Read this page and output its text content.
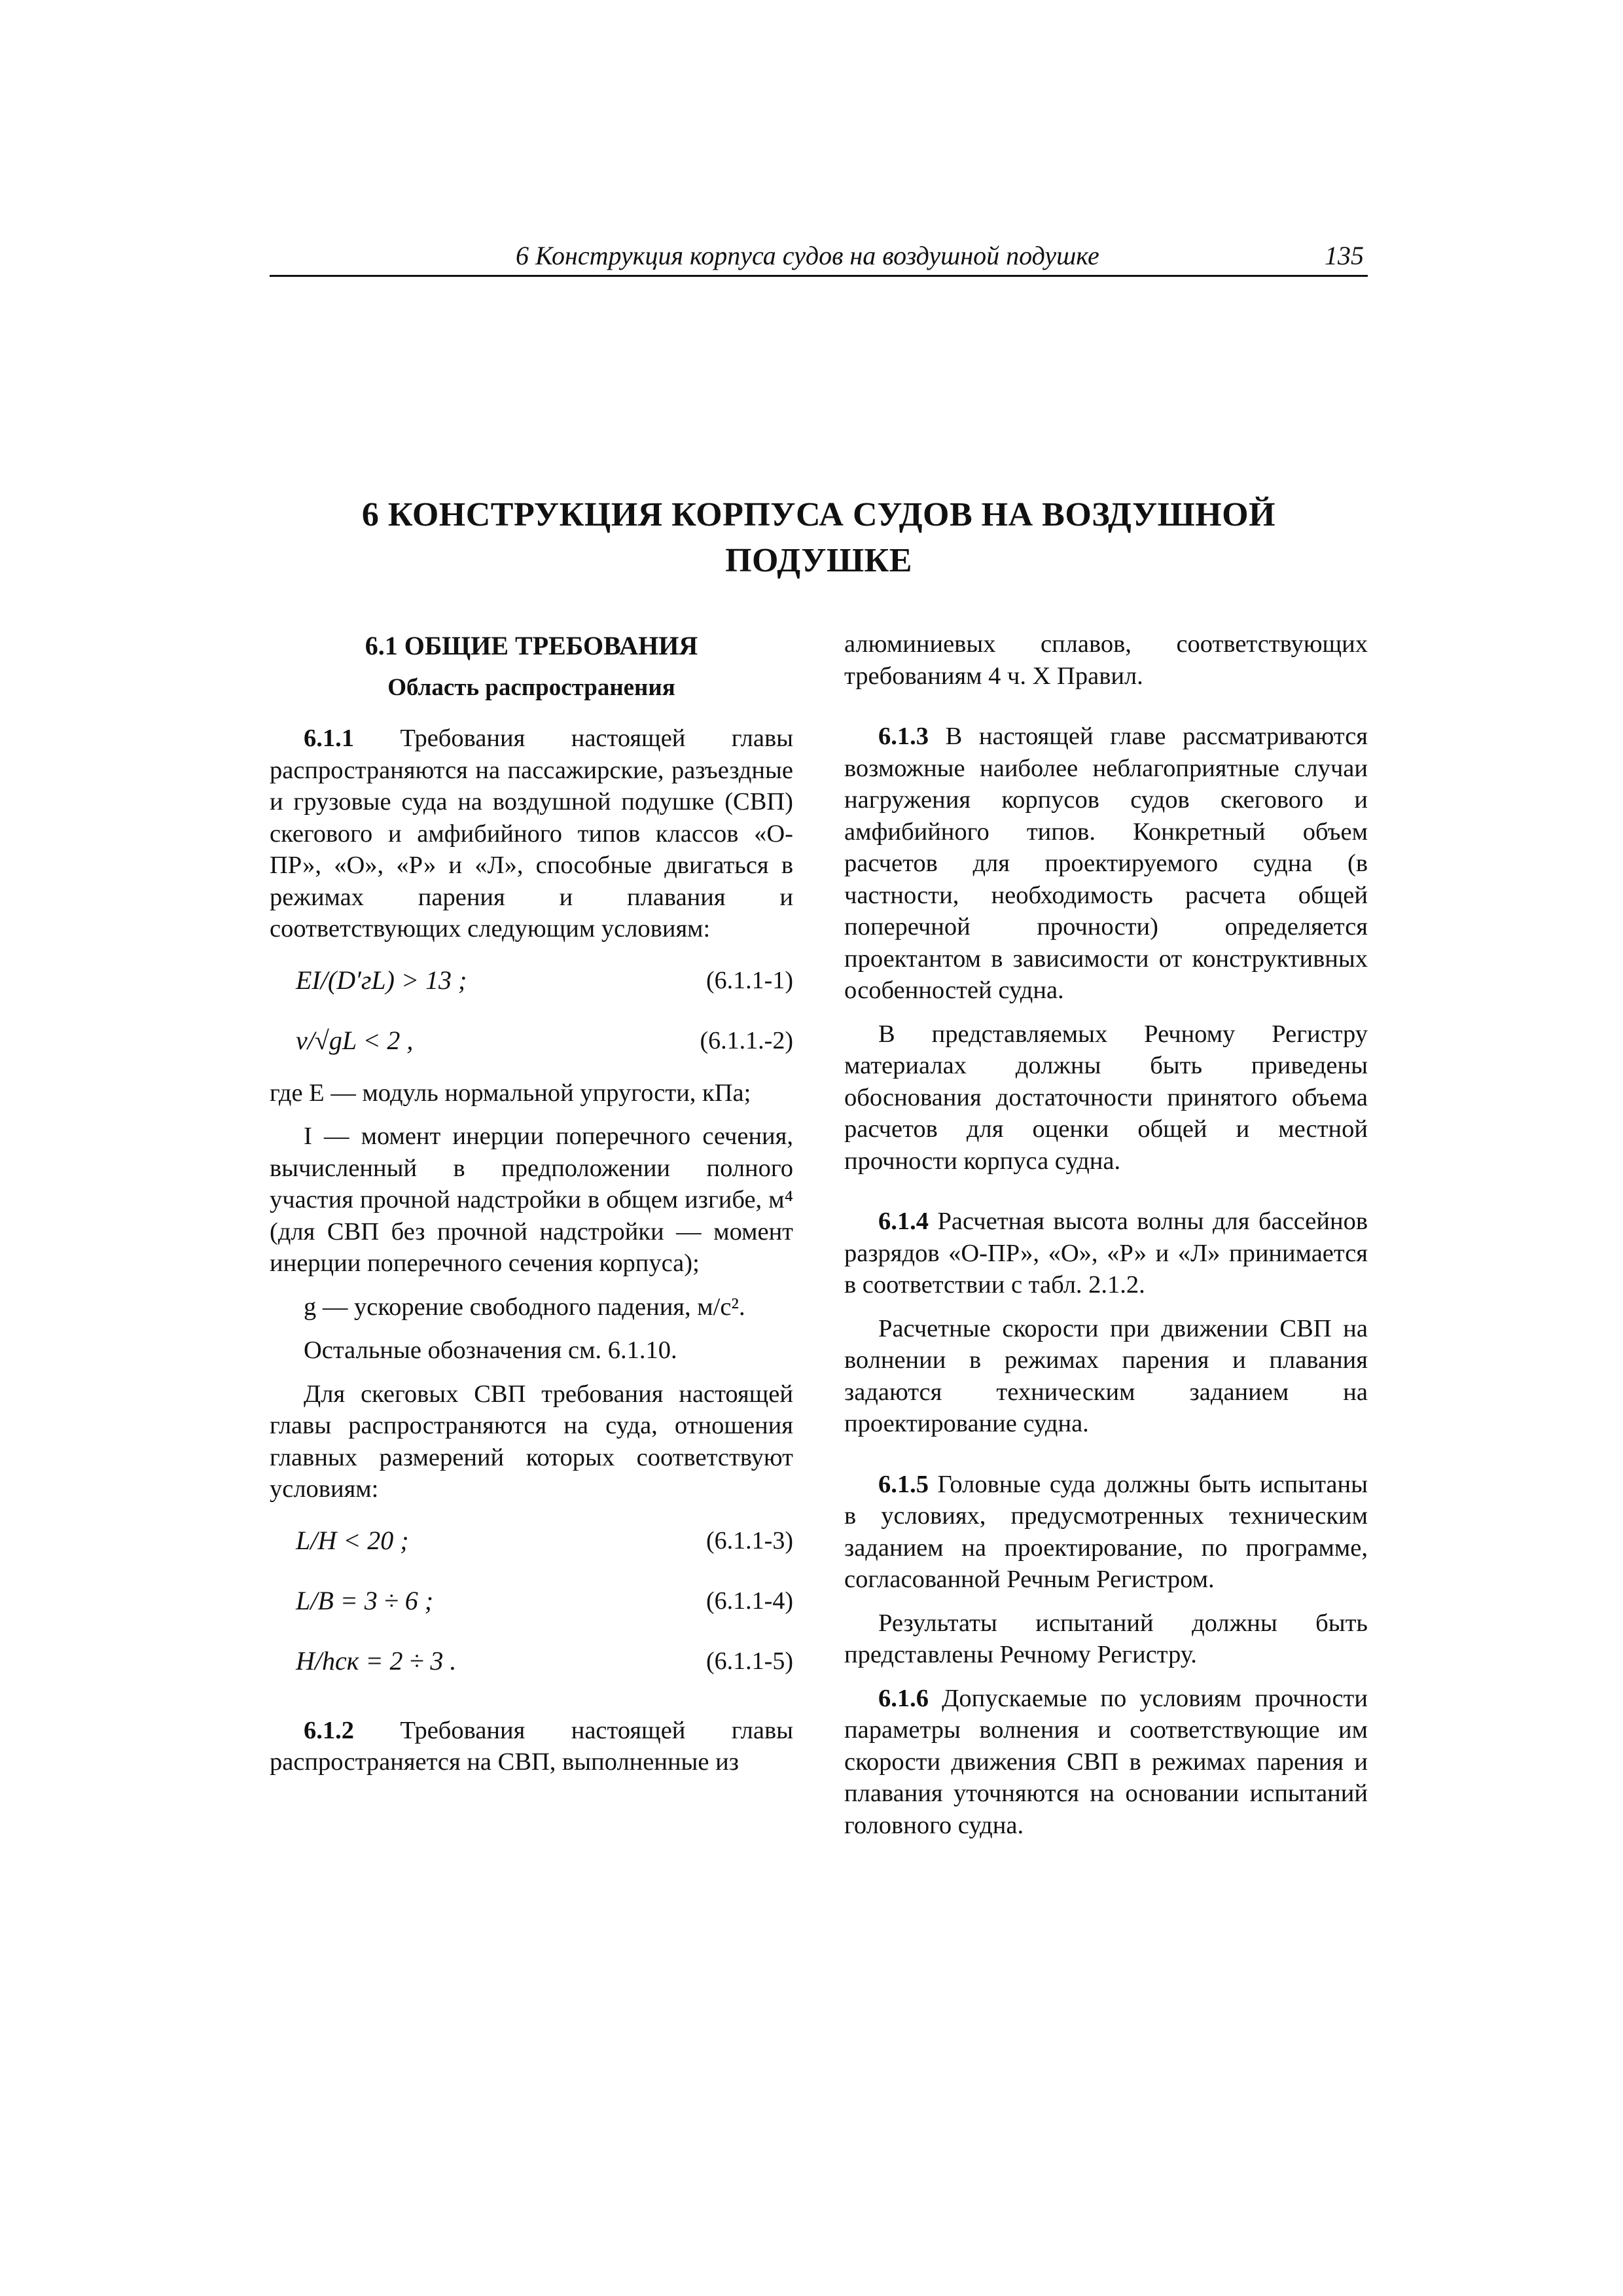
6 Конструкция корпуса судов на воздушной подушке	135
6 КОНСТРУКЦИЯ КОРПУСА СУДОВ НА ВОЗДУШНОЙ ПОДУШКЕ
6.1 ОБЩИЕ ТРЕБОВАНИЯ
Область распространения

6.1.1 Требования настоящей главы распространяются на пассажирские, разъездные и грузовые суда на воздушной подушке (СВП) скегового и амфибийного типов классов «О-ПР», «О», «Р» и «Л», способные двигаться в режимах парения и плавания и соответствующих следующим условиям:

EI/(D′гL) > 13 ;	(6.1.1-1)
v/√gL < 2 ,	(6.1.1.-2)

где E — модуль нормальной упругости, кПа;

I — момент инерции поперечного сечения, вычисленный в предположении полного участия прочной надстройки в общем изгибе, м⁴ (для СВП без прочной надстройки — момент инерции поперечного сечения корпуса);

g — ускорение свободного падения, м/с².

Остальные обозначения см. 6.1.10.

Для скеговых СВП требования настоящей главы распространяются на суда, отношения главных размерений которых соответствуют условиям:

L/H < 20 ;	(6.1.1-3)
L/B = 3 ÷ 6 ;	(6.1.1-4)
H/hск = 2 ÷ 3 .	(6.1.1-5)

6.1.2 Требования настоящей главы распространяется на СВП, выполненные из

алюминиевых сплавов, соответствующих требованиям 4 ч. X Правил.

6.1.3 В настоящей главе рассматриваются возможные наиболее неблагоприятные случаи нагружения корпусов судов скегового и амфибийного типов. Конкретный объем расчетов для проектируемого судна (в частности, необходимость расчета общей поперечной прочности) определяется проектантом в зависимости от конструктивных особенностей судна.

В представляемых Речному Регистру материалах должны быть приведены обоснования достаточности принятого объема расчетов для оценки общей и местной прочности корпуса судна.

6.1.4 Расчетная высота волны для бассейнов разрядов «О-ПР», «О», «Р» и «Л» принимается в соответствии с табл. 2.1.2.

Расчетные скорости при движении СВП на волнении в режимах парения и плавания задаются техническим заданием на проектирование судна.

6.1.5 Головные суда должны быть испытаны в условиях, предусмотренных техническим заданием на проектирование, по программе, согласованной Речным Регистром.

Результаты испытаний должны быть представлены Речному Регистру.

6.1.6 Допускаемые по условиям прочности параметры волнения и соответствующие им скорости движения СВП в режимах парения и плавания уточняются на основании испытаний головного судна.
